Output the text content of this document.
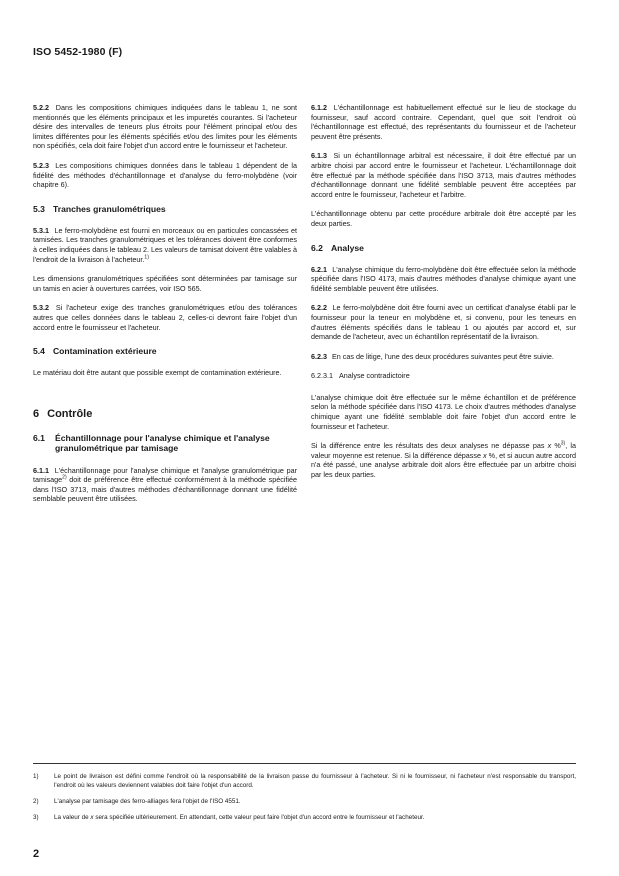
ISO 5452-1980 (F)

5.2.2 Dans les compositions chimiques indiquées dans le tableau 1, ne sont mentionnés que les éléments principaux et les impuretés courantes. Si l'acheteur désire des intervalles de teneurs plus étroits pour l'élément principal et/ou des limites différentes pour les éléments spécifiés et/ou des limites pour les éléments non spécifiés, cela doit faire l'objet d'un accord entre le fournisseur et l'acheteur.

5.2.3 Les compositions chimiques données dans le tableau 1 dépendent de la fidélité des méthodes d'échantillonnage et d'analyse du ferro-molybdène (voir chapitre 6).

5.3 Tranches granulométriques

5.3.1 Le ferro-molybdène est fourni en morceaux ou en particules concassées et tamisées. Les tranches granulométriques et les tolérances doivent être conformes à celles indiquées dans le tableau 2. Les valeurs de tamisat doivent être valables à l'endroit de la livraison à l'acheteur.$^{1)}$

Les dimensions granulométriques spécifiées sont déterminées par tamisage sur un tamis en acier à ouvertures carrées, voir ISO 565.

5.3.2 Si l'acheteur exige des tranches granulométriques et/ou des tolérances autres que celles données dans le tableau 2, celles-ci devront faire l'objet d'un accord entre le fournisseur et l'acheteur.

5.4 Contamination extérieure

Le matériau doit être autant que possible exempt de contamination extérieure.

6 Contrôle
6.1	Échantillonnage pour l'analyse chimique et l'analyse granulométrique par tamisage

6.1.1 L'échantillonnage pour l'analyse chimique et l'analyse granulométrique par tamisage$^{2)}$ doit de préférence être effectué conformément à la méthode spécifiée dans l'ISO 3713, mais d'autres méthodes d'échantillonnage donnant une fidélité semblable peuvent être utilisées.

6.1.2 L'échantillonnage est habituellement effectué sur le lieu de stockage du fournisseur, sauf accord contraire. Cependant, quel que soit l'endroit où l'échantillonnage est effectué, des représentants du fournisseur et de l'acheteur peuvent être présents.

6.1.3 Si un échantillonnage arbitral est nécessaire, il doit être effectué par un arbitre choisi par accord entre le fournisseur et l'acheteur. L'échantillonnage doit être effectué par la méthode spécifiée dans l'ISO 3713, mais d'autres méthodes d'échantillonnage donnant une fidélité semblable peuvent être acceptées par accord entre le fournisseur, l'acheteur et l'arbitre.

L'échantillonnage obtenu par cette procédure arbitrale doit être accepté par les deux parties.

6.2 Analyse

6.2.1 L'analyse chimique du ferro-molybdène doit être effectuée selon la méthode spécifiée dans l'ISO 4173, mais d'autres méthodes d'analyse chimique ayant une fidélité semblable peuvent être utilisées.

6.2.2 Le ferro-molybdène doit être fourni avec un certificat d'analyse établi par le fournisseur pour la teneur en molybdène et, si convenu, pour les teneurs en d'autres éléments spécifiés dans le tableau 1 ou ajoutés par accord et, sur demande de l'acheteur, avec un échantillon représentatif de la livraison.

6.2.3 En cas de litige, l'une des deux procédures suivantes peut être suivie.

6.2.3.1 Analyse contradictoire

L'analyse chimique doit être effectuée sur le même échantillon et de préférence selon la méthode spécifiée dans l'ISO 4173. Le choix d'autres méthodes d'analyse chimique ayant une fidélité semblable doit faire l'objet d'un accord entre le fournisseur et l'acheteur.

Si la différence entre les résultats des deux analyses ne dépasse pas x %$^{3)}$, la valeur moyenne est retenue. Si la différence dépasse x %, et si aucun autre accord n'a été passé, une analyse arbitrale doit alors être effectuée par un arbitre choisi par les deux parties.

1)	Le point de livraison est défini comme l'endroit où la responsabilité de la livraison passe du fournisseur à l'acheteur. Si ni le fournisseur, ni l'acheteur n'est responsable du transport, l'endroit où les valeurs deviennent valables doit faire l'objet d'un accord.
2)	L'analyse par tamisage des ferro-alliages fera l'objet de l'ISO 4551.
3)	La valeur de x sera spécifiée ultérieurement. En attendant, cette valeur peut faire l'objet d'un accord entre le fournisseur et l'acheteur.
2
